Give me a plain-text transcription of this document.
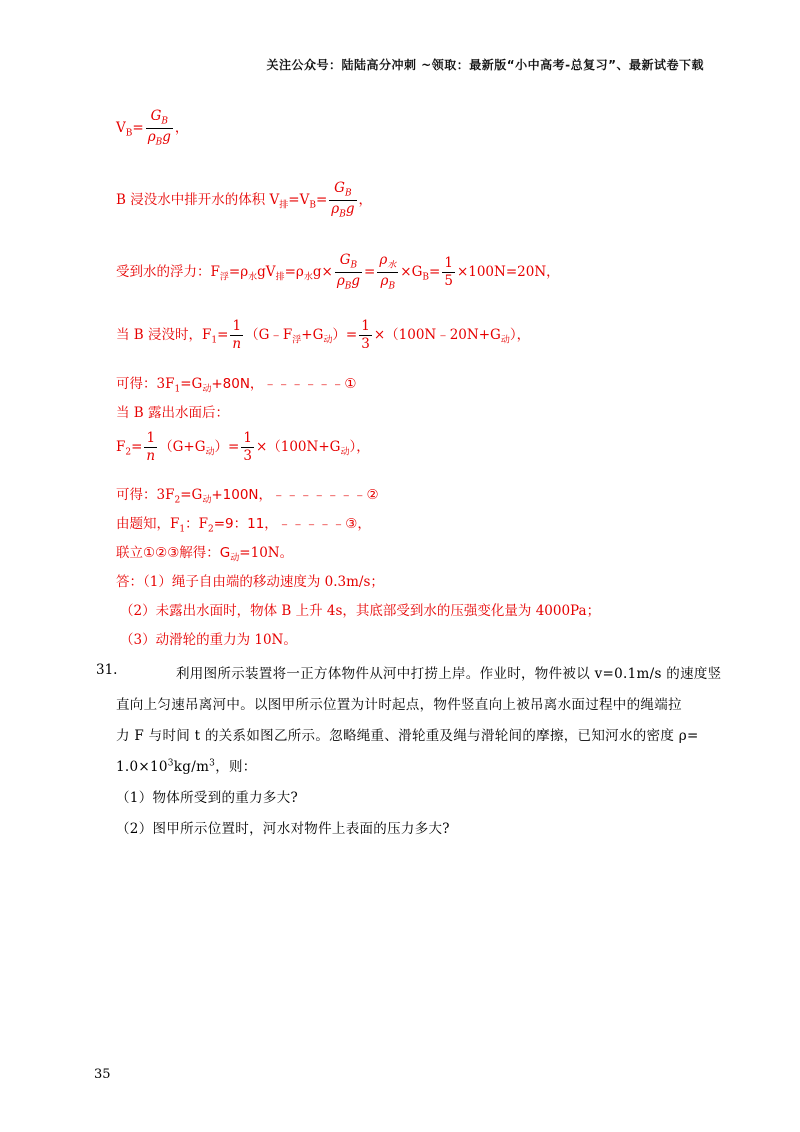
关注公众号：陆陆高分冲刺 ~领取：最新版“小中高考-总复习”、最新试卷下载
$V_B= \frac{G_B}{\rho_Bg}$ ，
B 浸没水中排开水的体积 $V_排=V_B= \frac{G_B}{\rho_Bg}$ ，
受到水的浮力：$F_浮=\rho_水gV_排=\rho_水g\times \frac{G_B}{\rho_Bg} = \frac{\rho_水}{\rho_B} \times G_B= \frac{1}{5} \times 100N=20N$，
当 B 浸没时，$F_1= \frac{1}{n}$ $(G﹣F_浮+G_动)= \frac{1}{3}$ $\times(100N﹣20N+G_动)$，
可得：$3F_1=G_动+80N$，﹣﹣﹣﹣﹣﹣①
当 B 露出水面后：
$F_2= \frac{1}{n} (G+G_动)= \frac{1}{3} \times(100N+G_动)$，
可得：$3F_2=G_动+100N$，﹣﹣﹣﹣﹣﹣﹣②
由题知，$F_1$：$F_2=9$：11，﹣﹣﹣﹣﹣③，
联立①②③解得：$G_动=10N$。
答：（1）绳子自由端的移动速度为 0.3m/s；
（2）未露出水面时，物体 B 上升 4s，其底部受到水的压强变化量为 4000Pa；
（3）动滑轮的重力为 10N。
31.	利用图所示装置将一正方体物件从河中打捞上岸。作业时，物件被以 v=0.1m/s 的速度竖
直向上匀速吊离河中。以图甲所示位置为计时起点，物件竖直向上被吊离水面过程中的绳端拉
力 F 与时间 t 的关系如图乙所示。忽略绳重、滑轮重及绳与滑轮间的摩擦，已知河水的密度 ρ=
$1.0\times 10^3kg/m^3$，则：
（1）物体所受到的重力多大?
（2）图甲所示位置时，河水对物件上表面的压力多大?
35
